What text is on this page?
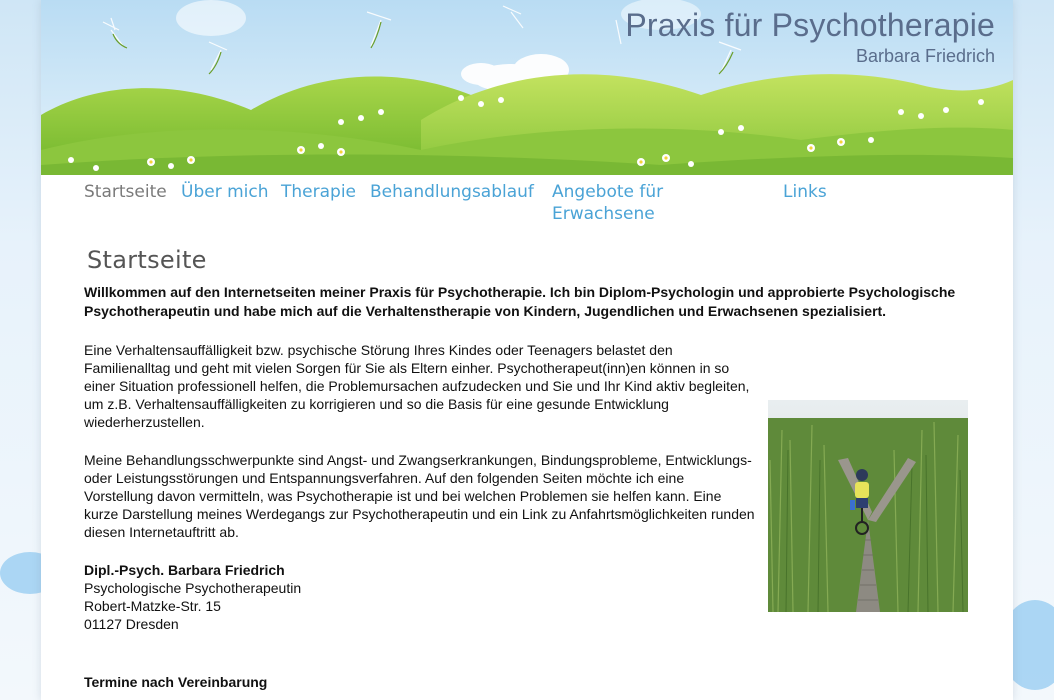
Praxis für Psychotherapie
Barbara Friedrich
Startseite Über mich Therapie Behandlungsablauf Angebote für Erwachsene
Links
Startseite
Willkommen auf den Internetseiten meiner Praxis für Psychotherapie. Ich bin Diplom-Psychologin und approbierte Psychologische Psychotherapeutin und habe mich auf die Verhaltenstherapie von Kindern, Jugendlichen und Erwachsenen spezialisiert.
Eine Verhaltensauffälligkeit bzw. psychische Störung Ihres Kindes oder Teenagers belastet den Familienalltag und geht mit vielen Sorgen für Sie als Eltern einher. Psychotherapeut(inn)en können in so einer Situation professionell helfen, die Problemursachen aufzudecken und Sie und Ihr Kind aktiv begleiten, um z.B. Verhaltensauffälligkeiten zu korrigieren und so die Basis für eine gesunde Entwicklung wiederherzustellen.
Meine Behandlungsschwerpunkte sind Angst- und Zwangserkrankungen, Bindungsprobleme, Entwicklungs- oder Leistungsstörungen und Entspannungsverfahren. Auf den folgenden Seiten möchte ich eine Vorstellung davon vermitteln, was Psychotherapie ist und bei welchen Problemen sie helfen kann. Eine kurze Darstellung meines Werdegangs zur Psychotherapeutin und ein Link zu Anfahrtsmöglichkeiten runden diesen Internetauftritt ab.
Dipl.-Psych. Barbara Friedrich
Psychologische Psychotherapeutin
Robert-Matzke-Str. 15
01127 Dresden
Termine nach Vereinbarung
